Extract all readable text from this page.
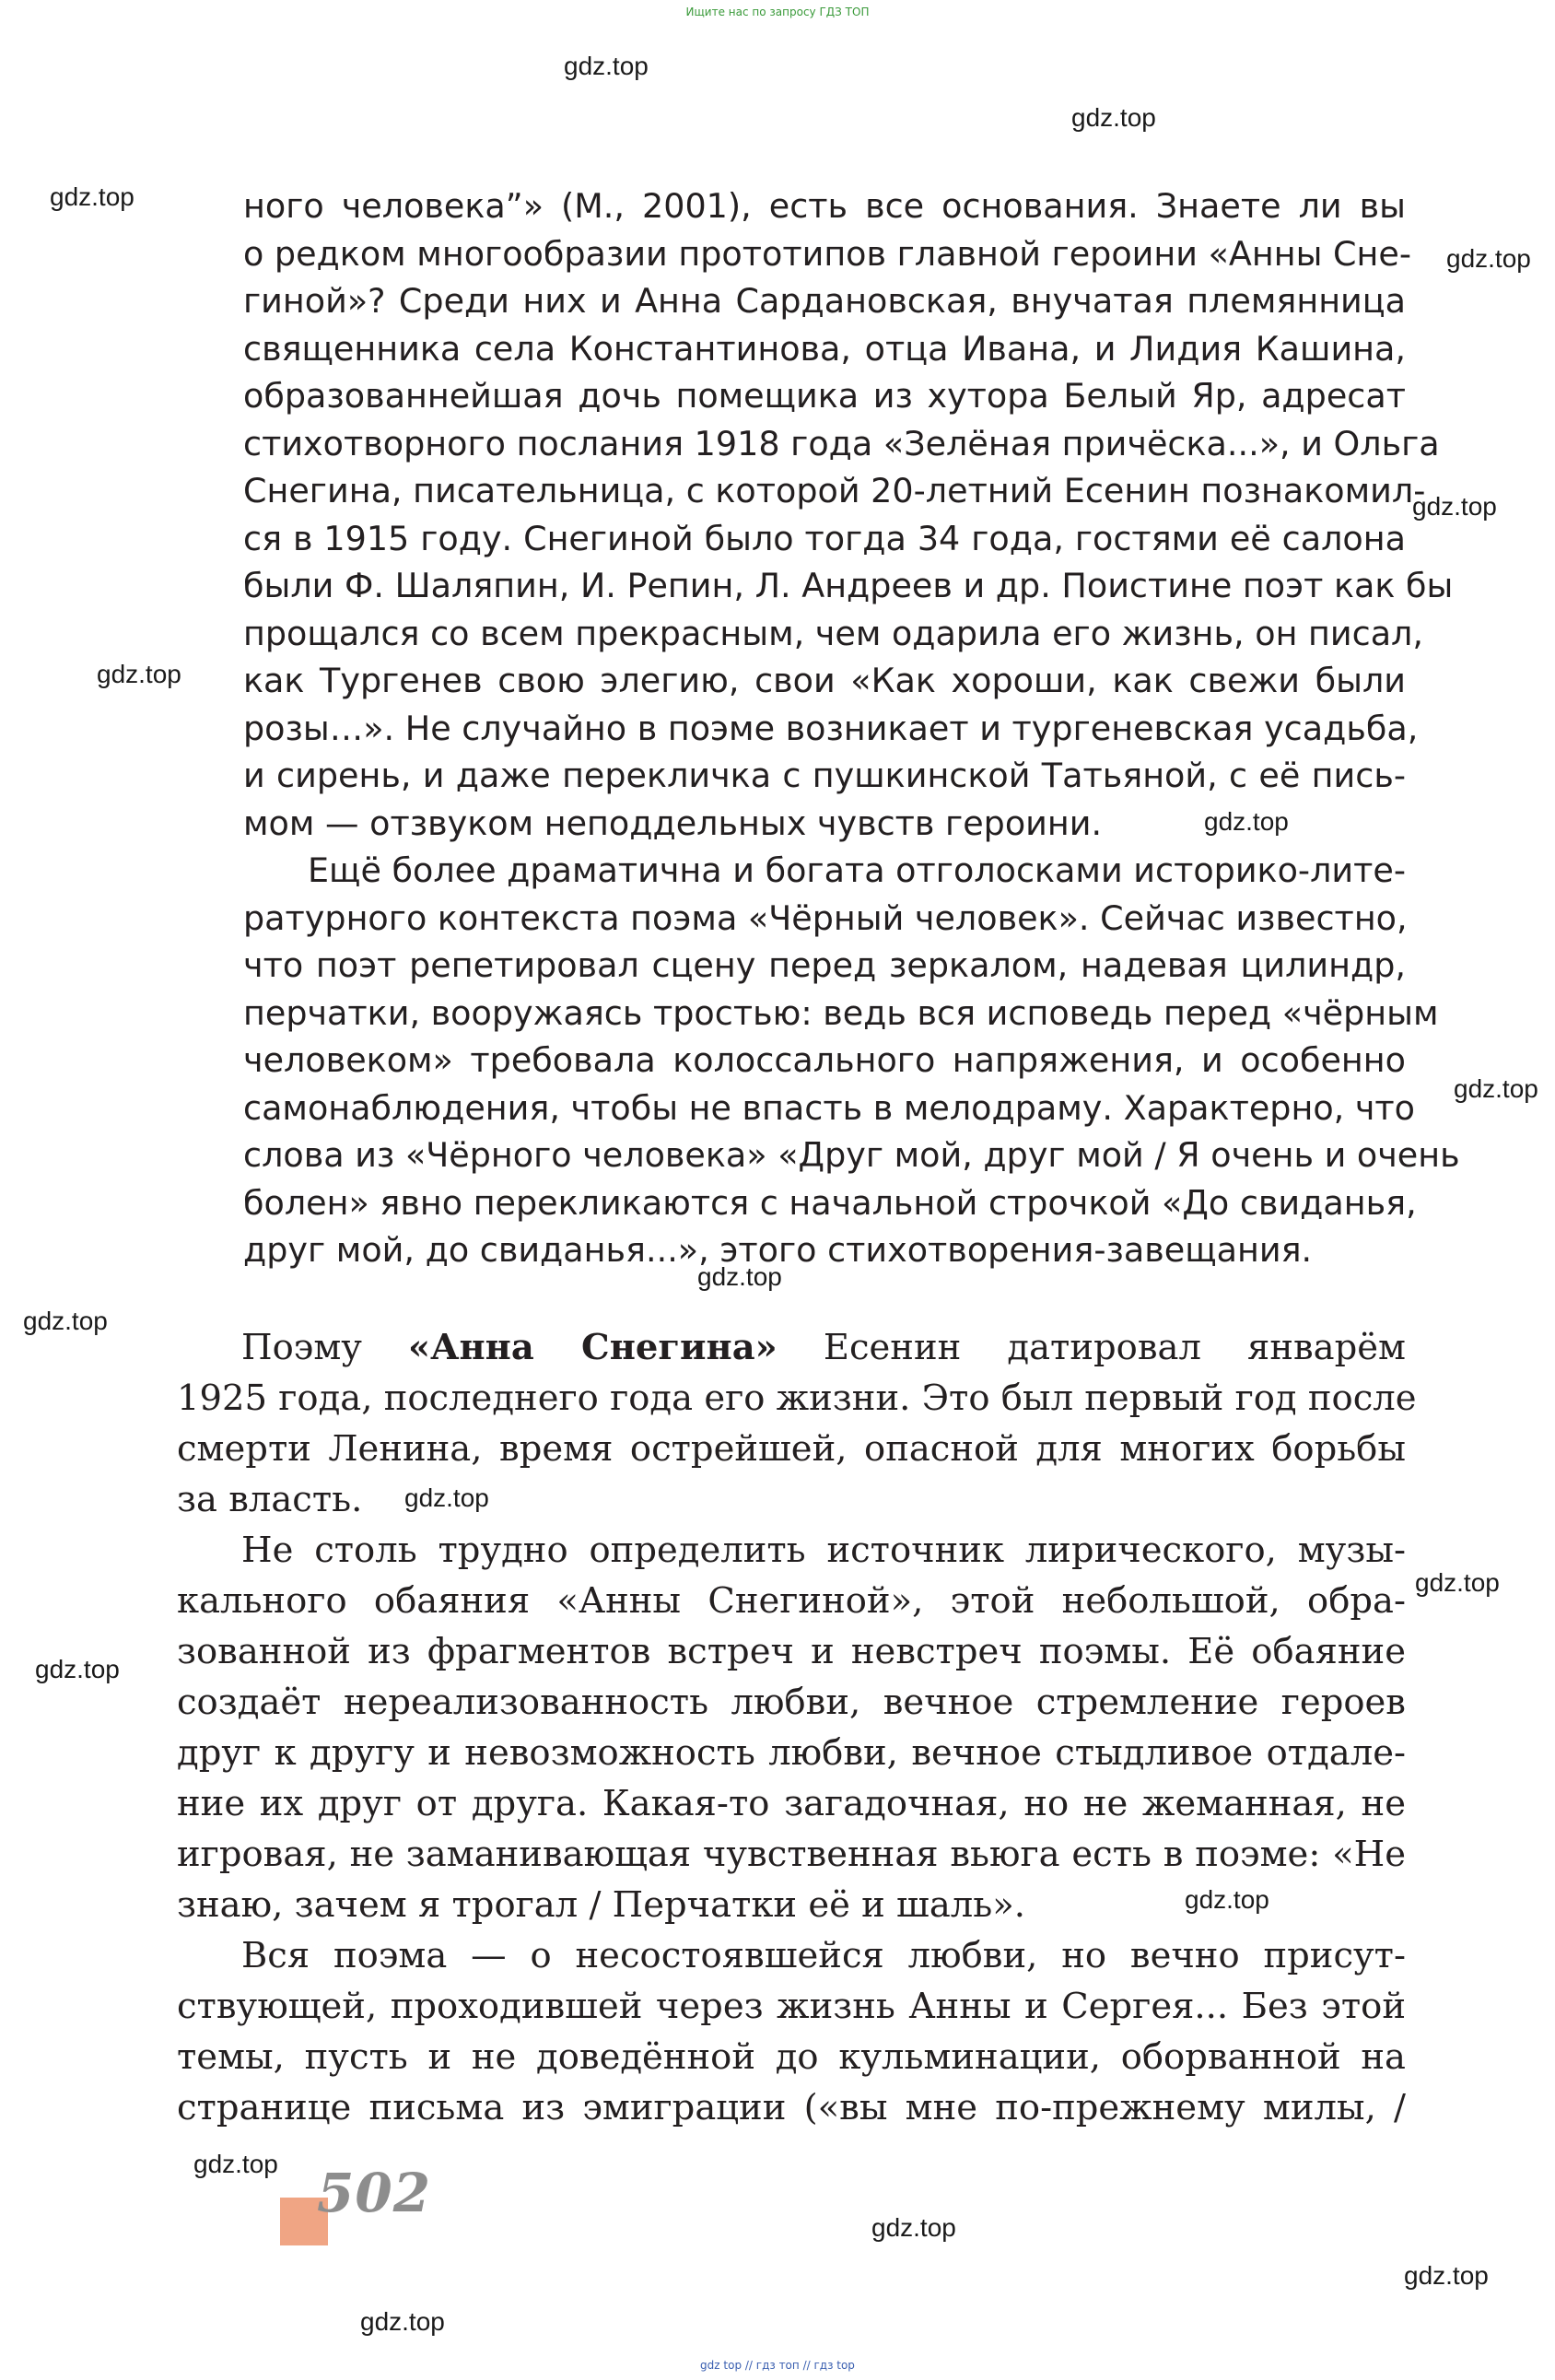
Ищите нас по запросу ГДЗ ТОП
gdz.top
gdz.top
gdz.top
gdz.top
gdz.top
gdz.top
gdz.top
gdz.top
gdz.top
gdz.top
gdz.top
gdz.top
gdz.top
gdz.top
gdz.top
gdz.top
gdz.top
gdz.top
ного человека”» (М., 2001), есть все основания. Знаете ли вы
о редком многообразии прототипов главной героини «Анны Сне-
гиной»? Среди них и Анна Сардановская, внучатая племянница
священника села Константинова, отца Ивана, и Лидия Кашина,
образованнейшая дочь помещика из хутора Белый Яр, адресат
стихотворного послания 1918 года «Зелёная причёска...», и Ольга
Снегина, писательница, с которой 20-летний Есенин познакомил-
ся в 1915 году. Снегиной было тогда 34 года, гостями её салона
были Ф. Шаляпин, И. Репин, Л. Андреев и др. Поистине поэт как бы
прощался со всем прекрасным, чем одарила его жизнь, он писал,
как Тургенев свою элегию, свои «Как хороши, как свежи были
розы…». Не случайно в поэме возникает и тургеневская усадьба,
и сирень, и даже перекличка с пушкинской Татьяной, с её пись-
мом — отзвуком неподдельных чувств героини.
Ещё более драматична и богата отголосками историко-лите-
ратурного контекста поэма «Чёрный человек». Сейчас известно,
что поэт репетировал сцену перед зеркалом, надевая цилиндр,
перчатки, вооружаясь тростью: ведь вся исповедь перед «чёрным
человеком» требовала колоссального напряжения, и особенно
самонаблюдения, чтобы не впасть в мелодраму. Характерно, что
слова из «Чёрного человека» «Друг мой, друг мой / Я очень и очень
болен» явно перекликаются с начальной строчкой «До свиданья,
друг мой, до свиданья...», этого стихотворения-завещания.
Поэму «Анна Снегина» Есенин датировал январём
1925 года, последнего года его жизни. Это был первый год после
смерти Ленина, время острейшей, опасной для многих борьбы
за власть.
Не столь трудно определить источник лирического, музы-
кального обаяния «Анны Снегиной», этой небольшой, обра-
зованной из фрагментов встреч и невстреч поэмы. Её обаяние
создаёт нереализованность любви, вечное стремление героев
друг к другу и невозможность любви, вечное стыдливое отдале-
ние их друг от друга. Какая-то загадочная, но не жеманная, не
игровая, не заманивающая чувственная вьюга есть в поэме: «Не
знаю, зачем я трогал / Перчатки её и шаль».
Вся поэма — о несостоявшейся любви, но вечно присут-
ствующей, проходившей через жизнь Анны и Сергея... Без этой
темы, пусть и не доведённой до кульминации, оборванной на
странице письма из эмиграции («вы мне по-прежнему милы, /
502
gdz top // гдз топ // гдз top
